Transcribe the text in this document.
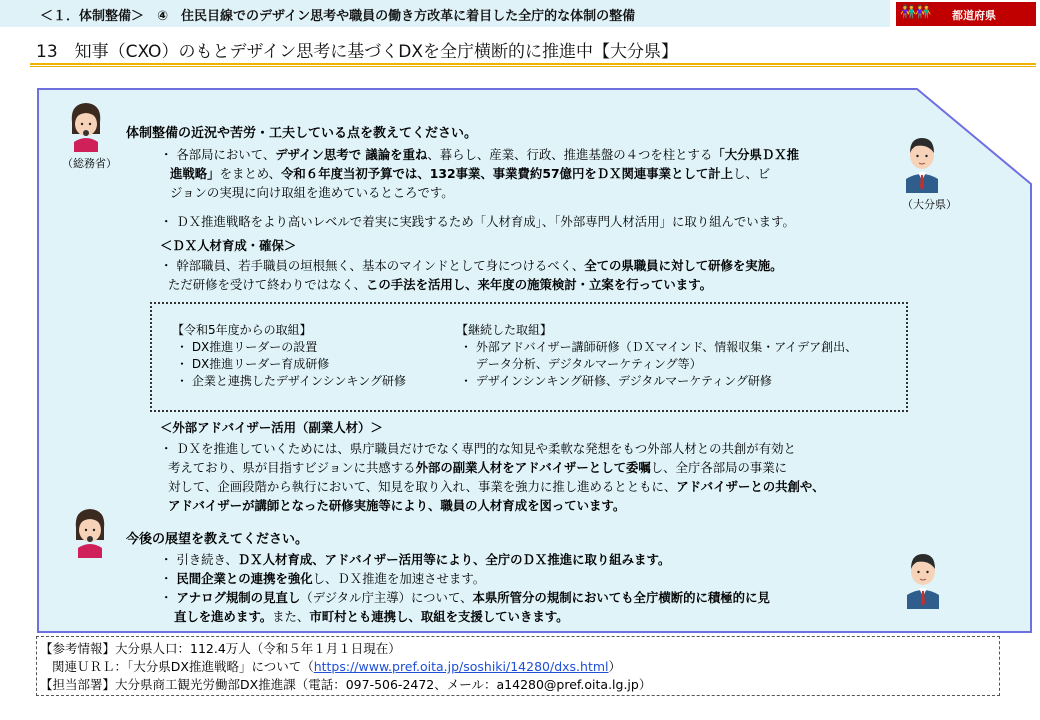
＜１．体制整備＞　④　住民目線でのデザイン思考や職員の働き方改革に着目した全庁的な体制の整備	👫👫 都道府県
13　知事（CXO）のもとデザイン思考に基づくDXを全庁横断的に推進中【大分県】
（総務省）
（大分県）
体制整備の近況や苦労・工夫している点を教えてください。
・ 各部局において、デザイン思考で 議論を重ね、暮らし、産業、行政、推進基盤の４つを柱とする「大分県ＤＸ推
進戦略」をまとめ、令和６年度当初予算では、132事業、事業費約57億円をＤＸ関連事業として計上し、ビ
ジョンの実現に向け取組を進めているところです。
・ ＤＸ推進戦略をより高いレベルで着実に実践するため「人材育成」、「外部専門人材活用」に取り組んでいます。
＜ＤＸ人材育成・確保＞
・ 幹部職員、若手職員の垣根無く、基本のマインドとして身につけるべく、全ての県職員に対して研修を実施。
ただ研修を受けて終わりではなく、この手法を活用し、来年度の施策検討・立案を行っています。
【令和5年度からの取組】
・ DX推進リーダーの設置
・ DX推進リーダー育成研修
・ 企業と連携したデザインシンキング研修
【継続した取組】
・ 外部アドバイザー講師研修（ＤＸマインド、情報収集・アイデア創出、
　 データ分析、デジタルマーケティング等）
・ デザインシンキング研修、デジタルマーケティング研修
＜外部アドバイザー活用（副業人材）＞
・ ＤＸを推進していくためには、県庁職員だけでなく専門的な知見や柔軟な発想をもつ外部人材との共創が有効と
考えており、県が目指すビジョンに共感する外部の副業人材をアドバイザーとして委嘱し、全庁各部局の事業に
対して、企画段階から執行において、知見を取り入れ、事業を強力に推し進めるとともに、アドバイザーとの共創や、
アドバイザーが講師となった研修実施等により、職員の人材育成を図っています。
今後の展望を教えてください。
・ 引き続き、ＤＸ人材育成、アドバイザー活用等により、全庁のＤＸ推進に取り組みます。
・ 民間企業との連携を強化し、ＤＸ推進を加速させます。
・ アナログ規制の見直し（デジタル庁主導）について、本県所管分の規制においても全庁横断的に積極的に見
直しを進めます。また、市町村とも連携し、取組を支援していきます。
【参考情報】大分県人口：112.4万人（令和５年１月１日現在）
関連ＵＲＬ：「大分県DX推進戦略」について（https://www.pref.oita.jp/soshiki/14280/dxs.html）
【担当部署】大分県商工観光労働部DX推進課（電話：097-506-2472、メール：a14280@pref.oita.lg.jp）
